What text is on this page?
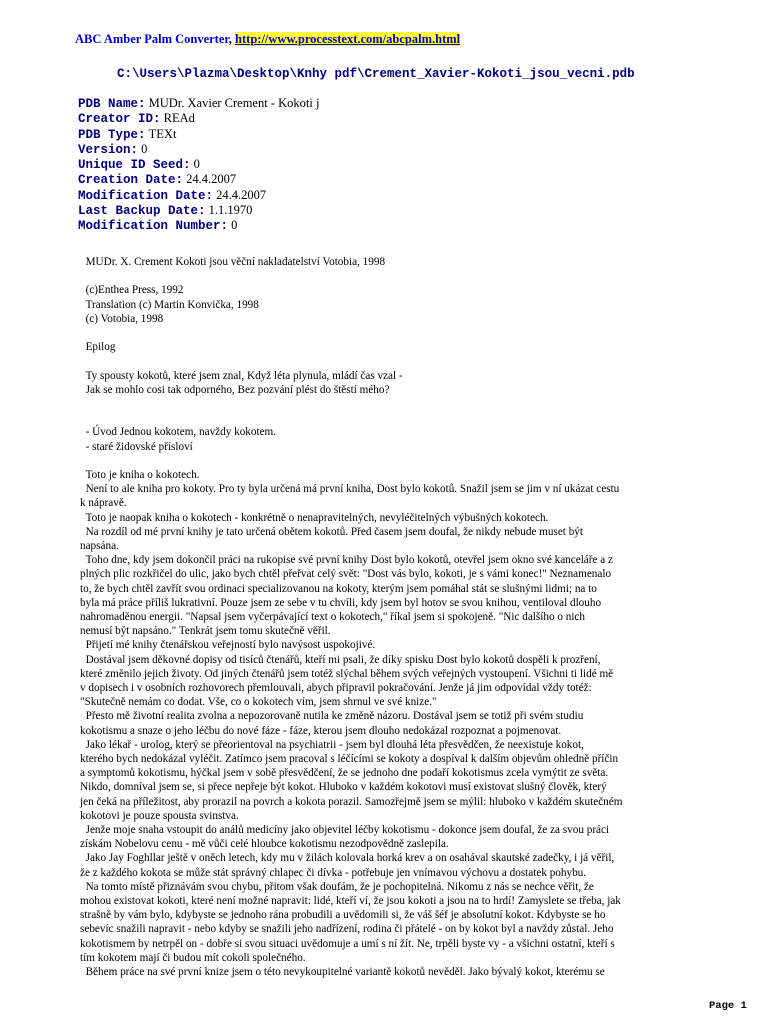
ABC Amber Palm Converter, http://www.processtext.com/abcpalm.html
C:\Users\Plazma\Desktop\Knhy pdf\Crement_Xavier-Kokoti_jsou_vecni.pdb
PDB Name: MUDr. Xavier Crement - Kokoti j
Creator ID: REAd
PDB Type: TEXt
Version: 0
Unique ID Seed: 0
Creation Date: 24.4.2007
Modification Date: 24.4.2007
Last Backup Date: 1.1.1970
Modification Number: 0

MUDr. X. Crement Kokoti jsou věční nakladatelství Votobia, 1998

(c)Enthea Press, 1992

Translation (c) Martin Konvička, 1998

(c) Votobia, 1998

Epilog

Ty spousty kokotů, které jsem znal, Když léta plynula, mládí čas vzal -

Jak se mohlo cosi tak odporného, Bez pozvání plést do štěstí mého?

- Úvod Jednou kokotem, navždy kokotem.

- staré židovské přísloví

Toto je kniha o kokotech.

Není to ale kniha pro kokoty. Pro ty byla určená má první kniha, Dost bylo kokotů. Snažil jsem se jim v ní ukázat cestu

k nápravě.

Toto je naopak kniha o kokotech - konkrétně o nenapravitelných, nevyléčitelných výbušných kokotech.

Na rozdíl od mé první knihy je tato určená obětem kokotů. Před časem jsem doufal, že nikdy nebude muset být

napsána.

Toho dne, kdy jsem dokončil práci na rukopise své první knihy Dost bylo kokotů, otevřel jsem okno své kanceláře a z

plných plic rozkřičel do ulic, jako bych chtěl přeřvat celý svět: "Dost vás bylo, kokoti, je s vámi konec!" Neznamenalo

to, že bych chtěl zavřít svou ordinaci specializovanou na kokoty, kterým jsem pomáhal stát se slušnými lidmi; na to

byla má práce příliš lukrativní. Pouze jsem ze sebe v tu chvíli, kdy jsem byl hotov se svou knihou, ventiloval dlouho

nahromaděnou energii. "Napsal jsem vyčerpávající text o kokotech," říkal jsem si spokojeně. "Nic dalšího o nich

nemusí být napsáno." Tenkrát jsem tomu skutečně věřil.

Přijetí mé knihy čtenářskou veřejností bylo navýsost uspokojivé.

Dostával jsem děkovné dopisy od tisíců čtenářů, kteří mi psali, že díky spisku Dost bylo kokotů dospěli k prozření,

které změnilo jejich životy. Od jiných čtenářů jsem totéž slýchal během svých veřejných vystoupení. Všichni ti lidé mě

v dopisech i v osobních rozhovorech přemlouvali, abych připravil pokračování. Jenže já jim odpovídal vždy totéž:

"Skutečně nemám co dodat. Vše, co o kokotech vím, jsem shrnul ve své knize."

Přesto mě životní realita zvolna a nepozorovaně nutila ke změně názoru. Dostával jsem se totiž při svém studiu

kokotismu a snaze o jeho léčbu do nové fáze - fáze, kterou jsem dlouho nedokázal rozpoznat a pojmenovat.

Jako lékař - urolog, který se přeorientoval na psychiatrii - jsem byl dlouhá léta přesvědčen, že neexistuje kokot,

kterého bych nedokázal vyléčit. Zatímco jsem pracoval s léčícími se kokoty a dospíval k dalším objevům ohledně příčin

a symptomů kokotismu, hýčkal jsem v sobě přesvědčení, že se jednoho dne podaří kokotismus zcela vymýtit ze světa.

Nikdo, domníval jsem se, si přece nepřeje být kokot. Hluboko v každém kokotovi musí existovat slušný člověk, který

jen čeká na příležitost, aby prorazil na povrch a kokota porazil. Samozřejmě jsem se mýlil: hluboko v každém skutečném

kokotovi je pouze spousta svinstva.

Jenže moje snaha vstoupit do análů medicíny jako objevitel léčby kokotismu - dokonce jsem doufal, že za svou práci

získám Nobelovu cenu - mě vůči celé hloubce kokotismu nezodpovědně zaslepila.

Jako Jay Foghllar ještě v oněch letech, kdy mu v žilách kolovala horká krev a on osahával skautské zadečky, i já věřil,

že z každého kokota se může stát správný chlapec či dívka - potřebuje jen vnímavou výchovu a dostatek pohybu.

Na tomto místě přiznávám svou chybu, přitom však doufám, že je pochopitelná. Nikomu z nás se nechce věřit, že

mohou existovat kokoti, které není možné napravit: lidé, kteří ví, že jsou kokoti a jsou na to hrdí! Zamyslete se třeba, jak

strašně by vám bylo, kdybyste se jednoho rána probudili a uvědomili si, že váš šéf je absolutní kokot. Kdybyste se ho

sebevíc snažili napravit - nebo kdyby se snažili jeho nadřízení, rodina či přátelé - on by kokot byl a navždy zůstal. Jeho

kokotismem by netrpěl on - dobře si svou situaci uvědomuje a umí s ní žít. Ne, trpěli byste vy - a všichni ostatní, kteří s

tím kokotem mají či budou mít cokoli společného.

Během práce na své první knize jsem o této nevykoupitelné variantě kokotů nevěděl. Jako bývalý kokot, kterému se

Page 1
